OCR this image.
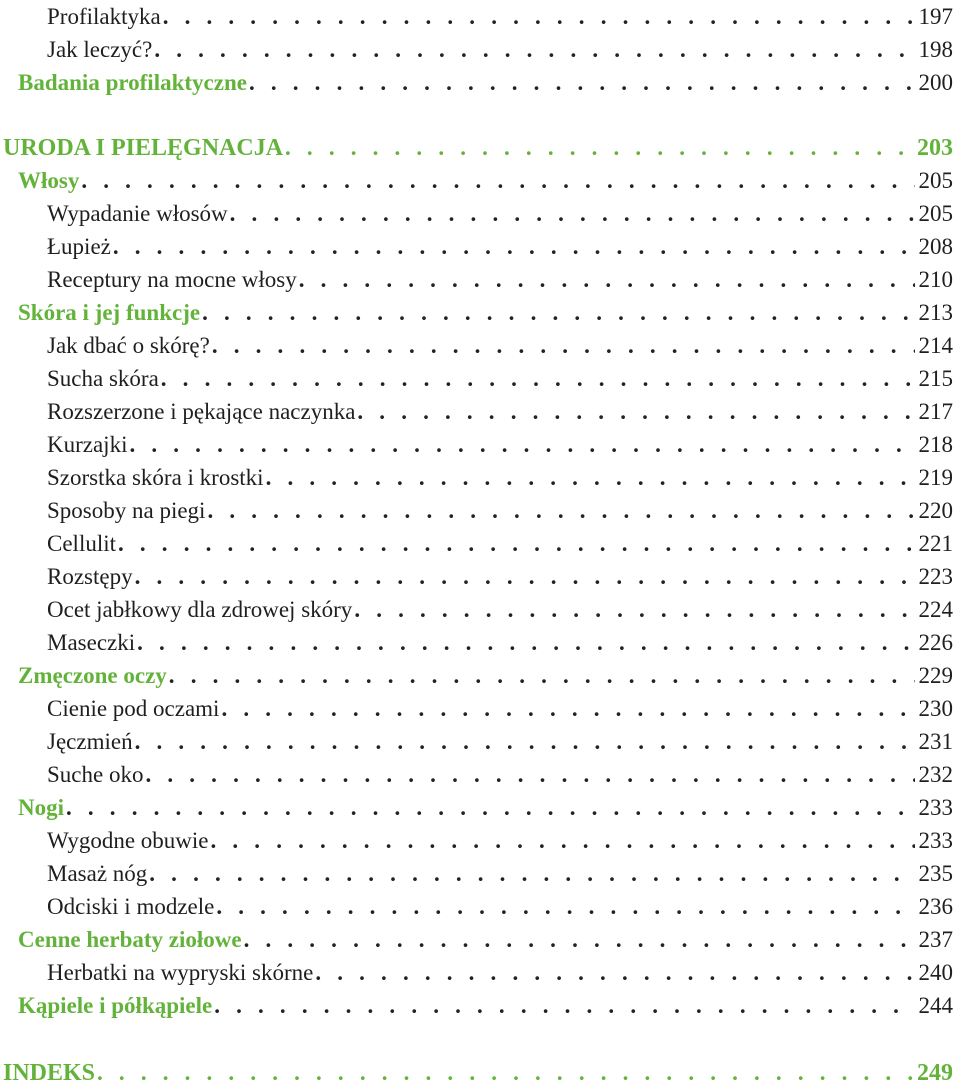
Profilaktyka . . .	197
Jak leczyć? . . .	198
Badania profilaktyczne . . .	200
URODA I PIELĘGNACJA . . .	203
Włosy . . .	205
Wypadanie włosów . . .	205
Łupież . . .	208
Receptury na mocne włosy . . .	210
Skóra i jej funkcje . . .	213
Jak dbać o skórę? . . .	214
Sucha skóra . . .	215
Rozszerzone i pękające naczynka . . .	217
Kurzajki . . .	218
Szorstka skóra i krostki . . .	219
Sposoby na piegi . . .	220
Cellulit . . .	221
Rozstępy . . .	223
Ocet jabłkowy dla zdrowej skóry . . .	224
Maseczki . . .	226
Zmęczone oczy . . .	229
Cienie pod oczami . . .	230
Jęczmień . . .	231
Suche oko . . .	232
Nogi . . .	233
Wygodne obuwie . . .	233
Masaż nóg . . .	235
Odciski i modzele . . .	236
Cenne herbaty ziołowe . . .	237
Herbatki na wypryski skórne . . .	240
Kąpiele i półkąpiele . . .	244
INDEKS . . .	249
